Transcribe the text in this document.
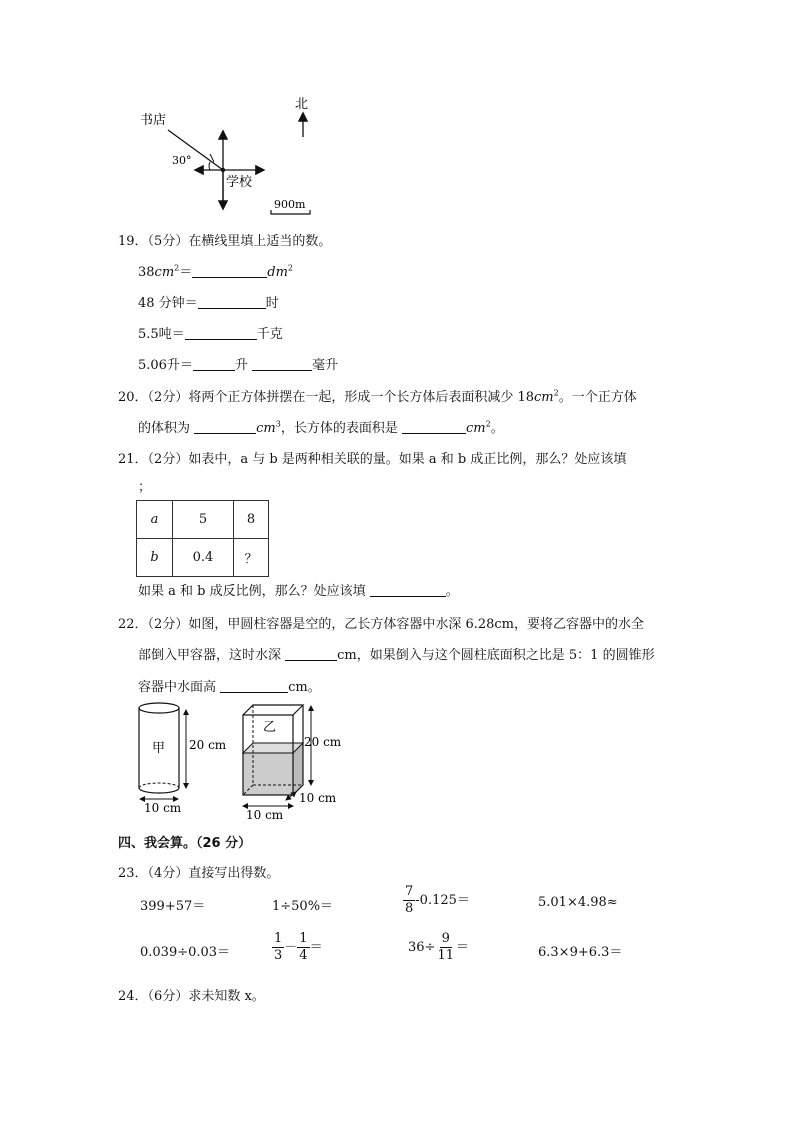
书店
30°
学校
北
900m
19．（5分）在横线里填上适当的数。
$38cm^2=$	$dm^2$
48 分钟＝	时
5.5吨＝	千克
5.06升＝	升	毫升
20．（2分）将两个正方体拼摆在一起，形成一个长方体后表面积减少 $18cm^2$。一个正方体
的体积为	$cm^3$，长方体的表面积是	$cm^2$。
21．（2分）如表中，a 与 b 是两种相关联的量。如果 a 和 b 成正比例，那么？处应该填
；
a	5	8
b	0.4	？
如果 a 和 b 成反比例，那么？处应该填	。
22．（2分）如图，甲圆柱容器是空的，乙长方体容器中水深 6.28cm，要将乙容器中的水全
部倒入甲容器，这时水深	cm，如果倒入与这个圆柱底面积之比是 5：1 的圆锥形
容器中水面高	cm。
甲 20 cm
10 cm
乙
20 cm
10 cm
10 cm
四、我会算。（26 分）
23．（4分）直接写出得数。
399+57＝	1÷50%＝	$\frac{7}{8} -0.125=$	5.01×4.98≈
0.039÷0.03＝	$\frac{1}{3} - \frac{1}{4}$ ＝	$36\div \frac{9}{11}$ ＝	6.3×9+6.3＝
24．（6分）求未知数 x。
